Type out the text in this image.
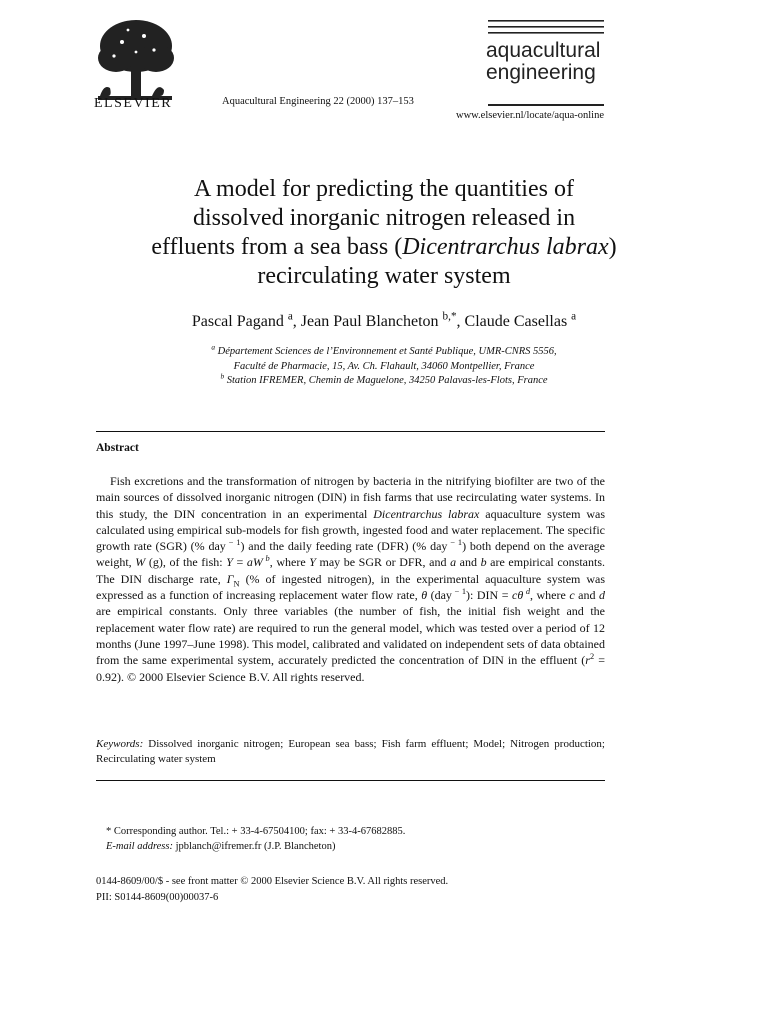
ELSEVIER	Aquacultural Engineering 22 (2000) 137–153
aquacultural
engineering
www.elsevier.nl/locate/aqua-online
A model for predicting the quantities of
dissolved inorganic nitrogen released in
effluents from a sea bass (Dicentrarchus labrax)
recirculating water system
Pascal Pagand $^a$, Jean Paul Blancheton $^{b,*}$, Claude Casellas $^a$
$^a$ Département Sciences de l’Environnement et Santé Publique, UMR-CNRS 5556,
Faculté de Pharmacie, 15, Av. Ch. Flahault, 34060 Montpellier, France
$^b$ Station IFREMER, Chemin de Maguelone, 34250 Palavas-les-Flots, France
Abstract
Fish excretions and the transformation of nitrogen by bacteria in the nitrifying biofilter are two of the main sources of dissolved inorganic nitrogen (DIN) in fish farms that use recirculating water systems. In this study, the DIN concentration in an experimental Dicentrarchus labrax aquaculture system was calculated using empirical sub-models for fish growth, ingested food and water replacement. The specific growth rate (SGR) (% day $^{- 1}$) and the daily feeding rate (DFR) (% day $^{- 1}$) both depend on the average weight, W (g), of the fish: Y = aW $^b$, where Y may be SGR or DFR, and a and b are empirical constants. The DIN discharge rate, $\Gamma_N$ (% of ingested nitrogen), in the experimental aquaculture system was expressed as a function of increasing replacement water flow rate, θ (day $^{- 1}$): DIN = cθ $^d$, where c and d are empirical constants. Only three variables (the number of fish, the initial fish weight and the replacement water flow rate) are required to run the general model, which was tested over a period of 12 months (June 1997–June 1998). This model, calibrated and validated on independent sets of data obtained from the same experimental system, accurately predicted the concentration of DIN in the effluent $(r^2 = 0.92)$. © 2000 Elsevier Science B.V. All rights reserved.
Keywords: Dissolved inorganic nitrogen; European sea bass; Fish farm effluent; Model; Nitrogen production; Recirculating water system
* Corresponding author. Tel.: + 33-4-67504100; fax: + 33-4-67682885.
E-mail address: jpblanch@ifremer.fr (J.P. Blancheton)
0144-8609/00/$ - see front matter © 2000 Elsevier Science B.V. All rights reserved.
PII: S0144-8609(00)00037-6
